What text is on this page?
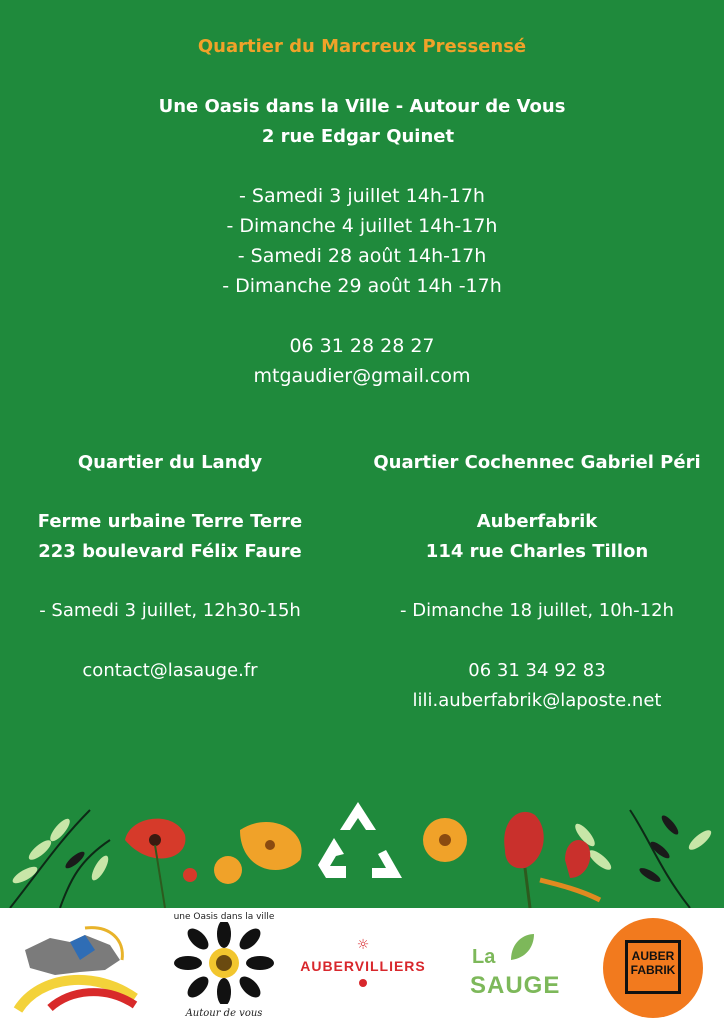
Quartier du Marcreux Pressensé
Une Oasis dans la Ville - Autour de Vous
2 rue Edgar Quinet
- Samedi 3 juillet 14h-17h
- Dimanche 4 juillet 14h-17h
- Samedi 28 août 14h-17h
- Dimanche 29 août 14h -17h
06 31 28 28 27
mtgaudier@gmail.com
Quartier du Landy
Ferme urbaine Terre Terre
223 boulevard Félix Faure
- Samedi 3 juillet, 12h30-15h
contact@lasauge.fr
Quartier Cochennec Gabriel Péri
Auberfabrik
114 rue Charles Tillon
- Dimanche 18 juillet, 10h-12h
06 31 34 92 83
lili.auberfabrik@laposte.net
une Oasis dans la ville
Autour de vous
☼
AUBERVILLIERS	La
SAUGE
AUBER
FABRIK
